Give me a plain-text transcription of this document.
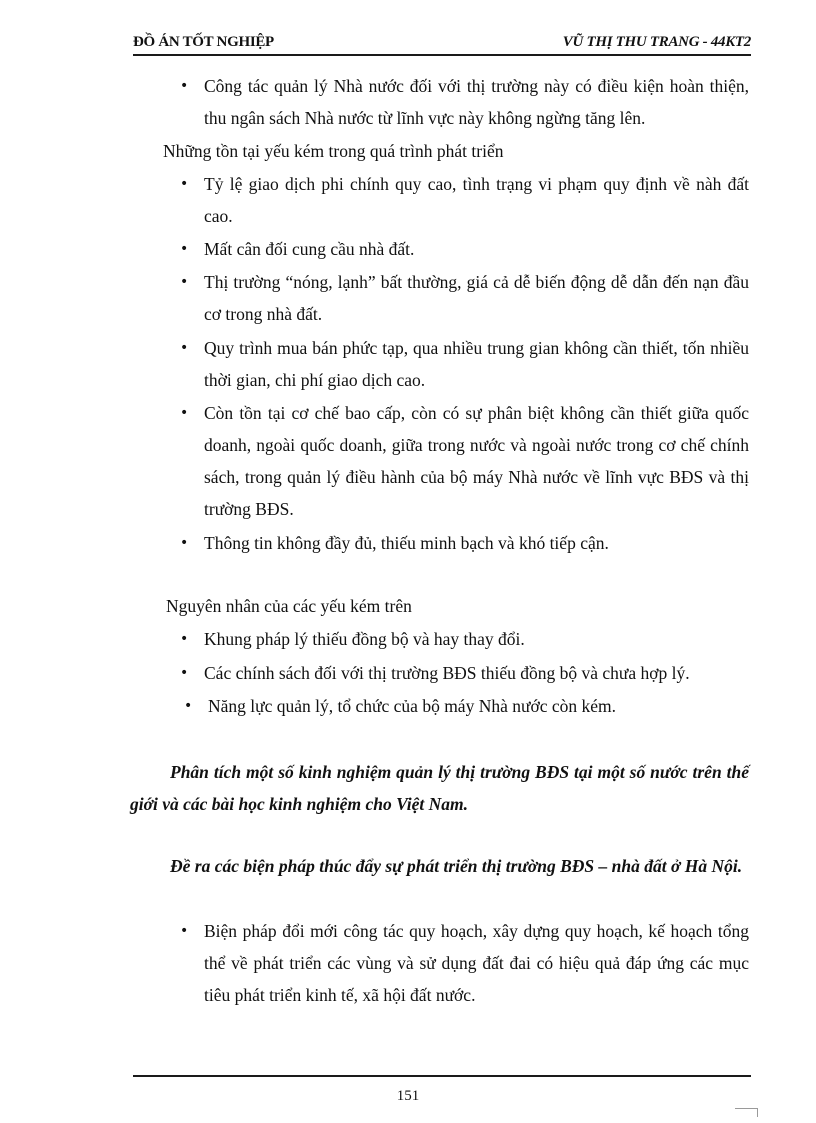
ĐỒ ÁN TỐT NGHIỆP	VŨ THỊ THU TRANG - 44KT2
• Công tác quản lý Nhà nước đối với thị trường này có điều kiện hoàn thiện, thu ngân sách Nhà nước từ lĩnh vực này không ngừng tăng lên.
Những tồn tại yếu kém trong quá trình phát triển
• Tỷ lệ giao dịch phi chính quy cao, tình trạng vi phạm quy định về nàh đất cao.
• Mất cân đối cung cầu nhà đất.
• Thị trường “nóng, lạnh” bất thường, giá cả dễ biến động dễ dẫn đến nạn đầu cơ trong nhà đất.
• Quy trình mua bán phức tạp, qua nhiều trung gian không cần thiết, tốn nhiều thời gian, chi phí giao dịch cao.
• Còn tồn tại cơ chế bao cấp, còn có sự phân biệt không cần thiết giữa quốc doanh, ngoài quốc doanh, giữa trong nước và ngoài nước trong cơ chế chính sách, trong quản lý điều hành của bộ máy Nhà nước về lĩnh vực BĐS và thị trường BĐS.
• Thông tin không đầy đủ, thiếu minh bạch và khó tiếp cận.
Nguyên nhân của các yếu kém trên
• Khung pháp lý thiếu đồng bộ và hay thay đổi.
• Các chính sách đối với thị trường BĐS thiếu đồng bộ và chưa hợp lý.
• Năng lực quản lý, tổ chức của bộ máy Nhà nước còn kém.
Phân tích một số kinh nghiệm quản lý thị trường BĐS tại một số nước trên thế giới và các bài học kinh nghiệm cho Việt Nam.
Đề ra các biện pháp thúc đẩy sự phát triển thị trường BĐS – nhà đất ở Hà Nội.
• Biện pháp đổi mới công tác quy hoạch, xây dựng quy hoạch, kế hoạch tổng thể về phát triển các vùng và sử dụng đất đai có hiệu quả đáp ứng các mục tiêu phát triển kinh tế, xã hội đất nước.
151
